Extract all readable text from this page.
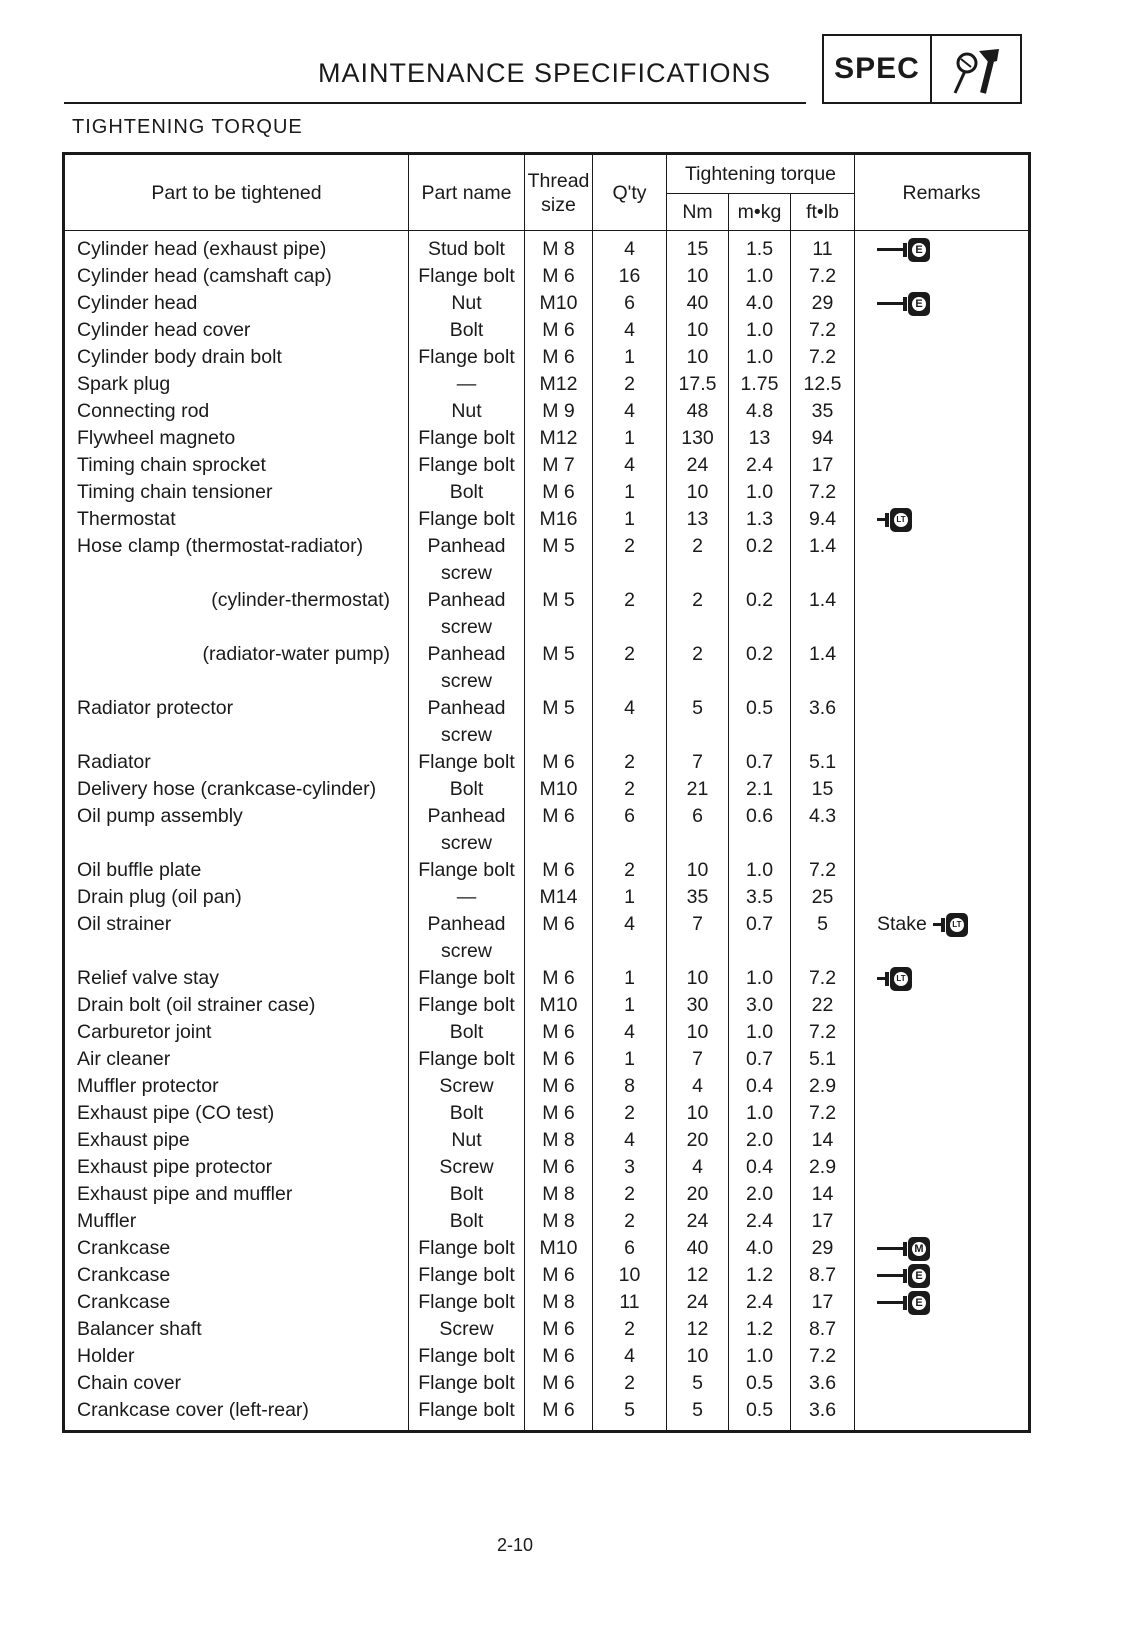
MAINTENANCE SPECIFICATIONS	SPEC
TIGHTENING TORQUE
Part to be tightened	Part name	Thread size	Q'ty	Tightening torque			Remarks
				Nm	m•kg	ft•lb	
Cylinder head (exhaust pipe)	Stud bolt	M 8	4	15	1.5	11	E

Cylinder head (camshaft cap)	Flange bolt	M 6	16	10	1.0	7.2	
Cylinder head	Nut	M10	6	40	4.0	29	E

Cylinder head cover	Bolt	M 6	4	10	1.0	7.2	
Cylinder body drain bolt	Flange bolt	M 6	1	10	1.0	7.2	
Spark plug	—	M12	2	17.5	1.75	12.5	
Connecting rod	Nut	M 9	4	48	4.8	35	
Flywheel magneto	Flange bolt	M12	1	130	13	94	
Timing chain sprocket	Flange bolt	M 7	4	24	2.4	17	
Timing chain tensioner	Bolt	M 6	1	10	1.0	7.2	
Thermostat	Flange bolt	M16	1	13	1.3	9.4	LT

Hose clamp (thermostat-radiator)	Panhead	M 5	2	2	0.2	1.4	
	screw						
(cylinder-thermostat)	Panhead	M 5	2	2	0.2	1.4	
	screw						
(radiator-water pump)	Panhead	M 5	2	2	0.2	1.4	
	screw						
Radiator protector	Panhead	M 5	4	5	0.5	3.6	
	screw						
Radiator	Flange bolt	M 6	2	7	0.7	5.1	
Delivery hose (crankcase-cylinder)	Bolt	M10	2	21	2.1	15	
Oil pump assembly	Panhead	M 6	6	6	0.6	4.3	
	screw						
Oil buffle plate	Flange bolt	M 6	2	10	1.0	7.2	
Drain plug (oil pan)	—	M14	1	35	3.5	25	
Oil strainer	Panhead	M 6	4	7	0.7	5	Stake LT

	screw						
Relief valve stay	Flange bolt	M 6	1	10	1.0	7.2	LT

Drain bolt (oil strainer case)	Flange bolt	M10	1	30	3.0	22	
Carburetor joint	Bolt	M 6	4	10	1.0	7.2	
Air cleaner	Flange bolt	M 6	1	7	0.7	5.1	
Muffler protector	Screw	M 6	8	4	0.4	2.9	
Exhaust pipe (CO test)	Bolt	M 6	2	10	1.0	7.2	
Exhaust pipe	Nut	M 8	4	20	2.0	14	
Exhaust pipe protector	Screw	M 6	3	4	0.4	2.9	
Exhaust pipe and muffler	Bolt	M 8	2	20	2.0	14	
Muffler	Bolt	M 8	2	24	2.4	17	
Crankcase	Flange bolt	M10	6	40	4.0	29	M

Crankcase	Flange bolt	M 6	10	12	1.2	8.7	E

Crankcase	Flange bolt	M 8	11	24	2.4	17	E

Balancer shaft	Screw	M 6	2	12	1.2	8.7	
Holder	Flange bolt	M 6	4	10	1.0	7.2	
Chain cover	Flange bolt	M 6	2	5	0.5	3.6	
Crankcase cover (left-rear)	Flange bolt	M 6	5	5	0.5	3.6	
2-10
